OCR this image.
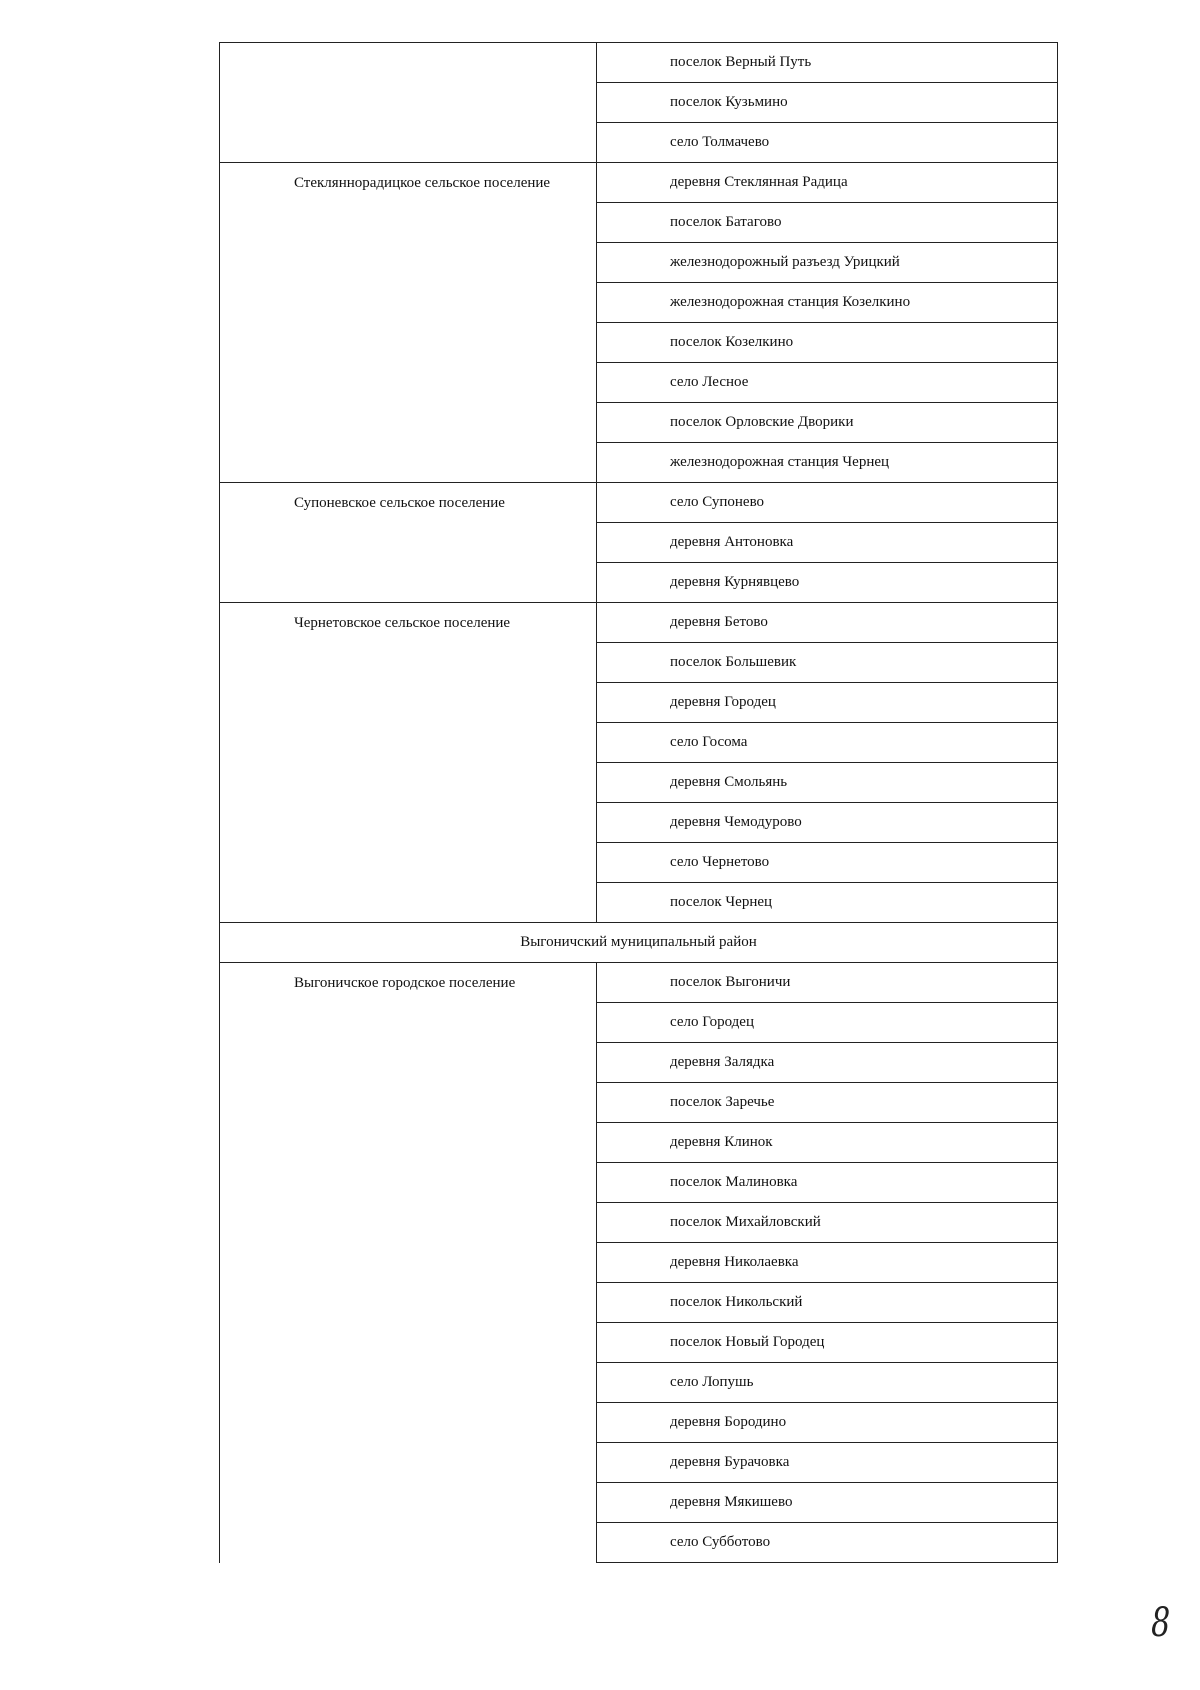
	поселок Верный Путь
	поселок Кузьмино
	село Толмачево
Стекляннорадицкое сельское поселение	деревня Стеклянная Радица
	поселок Батагово
	железнодорожный разъезд Урицкий
	железнодорожная станция Козелкино
	поселок Козелкино
	село Лесное
	поселок Орловские Дворики
	железнодорожная станция Чернец
Супоневское сельское поселение	село Супонево
	деревня Антоновка
	деревня Курнявцево
Чернетовское сельское поселение	деревня Бетово
	поселок Большевик
	деревня Городец
	село Госома
	деревня Смольянь
	деревня Чемодурово
	село Чернетово
	поселок Чернец
Выгоничский муниципальный район	
Выгоничское городское поселение	поселок Выгоничи
	село Городец
	деревня Залядка
	поселок Заречье
	деревня Клинок
	поселок Малиновка
	поселок Михайловский
	деревня Николаевка
	поселок Никольский
	поселок Новый Городец
	село Лопушь
	деревня Бородино
	деревня Бурачовка
	деревня Мякишево
	село Субботово
8
